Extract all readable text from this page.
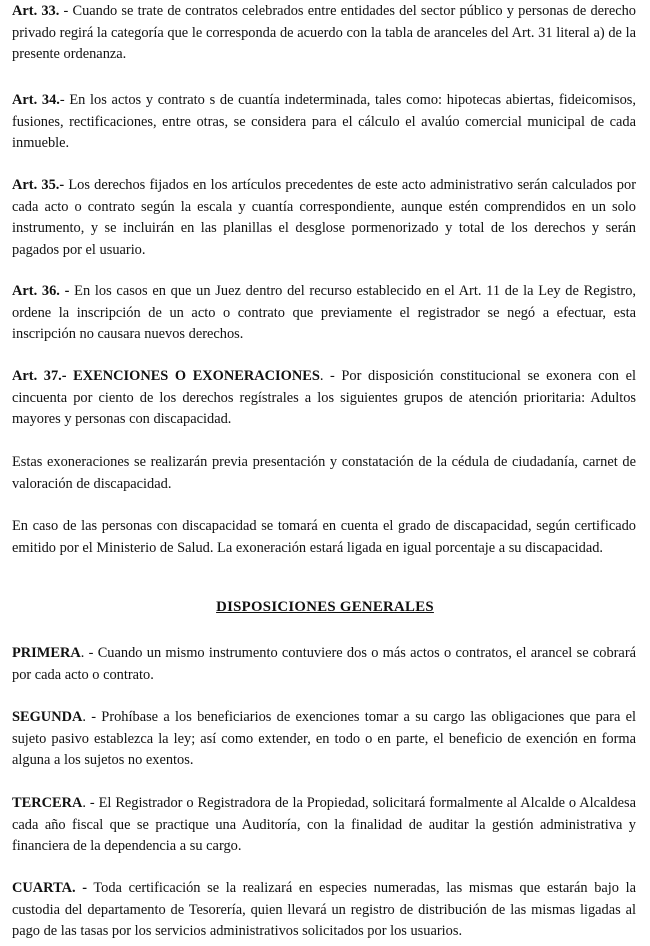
Art. 33. - Cuando se trate de contratos celebrados entre entidades del sector público y personas de derecho privado regirá la categoría que le corresponda de acuerdo con la tabla de aranceles del Art. 31 literal a) de la presente ordenanza.

Art. 34.- En los actos y contrato s de cuantía indeterminada, tales como: hipotecas abiertas, fideicomisos, fusiones, rectificaciones, entre otras, se considera para el cálculo el avalúo comercial municipal de cada inmueble.

Art. 35.- Los derechos fijados en los artículos precedentes de este acto administrativo serán calculados por cada acto o contrato según la escala y cuantía correspondiente, aunque estén comprendidos en un solo instrumento, y se incluirán en las planillas el desglose pormenorizado y total de los derechos y serán pagados por el usuario.

Art. 36. - En los casos en que un Juez dentro del recurso establecido en el Art. 11 de la Ley de Registro, ordene la inscripción de un acto o contrato que previamente el registrador se negó a efectuar, esta inscripción no causara nuevos derechos.

Art. 37.- EXENCIONES O EXONERACIONES. - Por disposición constitucional se exonera con el cincuenta por ciento de los derechos regístrales a los siguientes grupos de atención prioritaria: Adultos mayores y personas con discapacidad.

Estas exoneraciones se realizarán previa presentación y constatación de la cédula de ciudadanía, carnet de valoración de discapacidad.

En caso de las personas con discapacidad se tomará en cuenta el grado de discapacidad, según certificado emitido por el Ministerio de Salud. La exoneración estará ligada en igual porcentaje a su discapacidad.

DISPOSICIONES GENERALES

PRIMERA. - Cuando un mismo instrumento contuviere dos o más actos o contratos, el arancel se cobrará por cada acto o contrato.

SEGUNDA. - Prohíbase a los beneficiarios de exenciones tomar a su cargo las obligaciones que para el sujeto pasivo establezca la ley; así como extender, en todo o en parte, el beneficio de exención en forma alguna a los sujetos no exentos.

TERCERA. - El Registrador o Registradora de la Propiedad, solicitará formalmente al Alcalde o Alcaldesa cada año fiscal que se practique una Auditoría, con la finalidad de auditar la gestión administrativa y financiera de la dependencia a su cargo.

CUARTA. - Toda certificación se la realizará en especies numeradas, las mismas que estarán bajo la custodia del departamento de Tesorería, quien llevará un registro de distribución de las mismas ligadas al pago de las tasas por los servicios administrativos solicitados por los usuarios.
